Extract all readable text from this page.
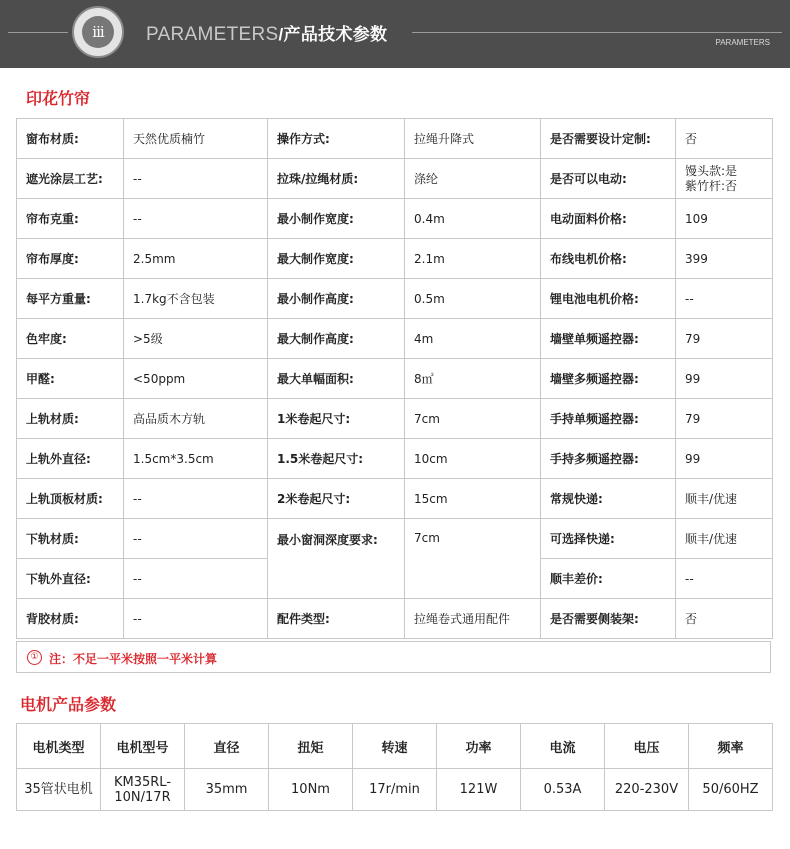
iii	PARAMETERS/产品技术参数	PARAMETERS
印花竹帘
窗布材质:	天然优质楠竹	操作方式:	拉绳升降式	是否需要设计定制:	否
遮光涂层工艺:	--	拉珠/拉绳材质:	涤纶	是否可以电动:	馒头款:是
紫竹杆:否
帘布克重:	--	最小制作宽度:	0.4m	电动面料价格:	109
帘布厚度:	2.5mm	最大制作宽度:	2.1m	布线电机价格:	399
每平方重量:	1.7kg不含包装	最小制作高度:	0.5m	锂电池电机价格:	--
色牢度:	>5级	最大制作高度:	4m	墙壁单频遥控器:	79
甲醛:	<50ppm	最大单幅面积:	8㎡	墙壁多频遥控器:	99
上轨材质:	高品质木方轨	1米卷起尺寸:	7cm	手持单频遥控器:	79
上轨外直径:	1.5cm*3.5cm	1.5米卷起尺寸:	10cm	手持多频遥控器:	99
上轨顶板材质:	--	2米卷起尺寸:	15cm	常规快递:	顺丰/优速
下轨材质:	--	最小窗洞深度要求:	7cm	可选择快递:	顺丰/优速
下轨外直径:	--			顺丰差价:	--
背胶材质:	--	配件类型:	拉绳卷式通用配件	是否需要侧装架:	否
① 注：不足一平米按照一平米计算
电机产品参数
电机类型	电机型号	直径	扭矩	转速	功率	电流	电压	频率
35管状电机	KM35RL-10N/17R	35mm	10Nm	17r/min	121W	0.53A	220-230V	50/60HZ
